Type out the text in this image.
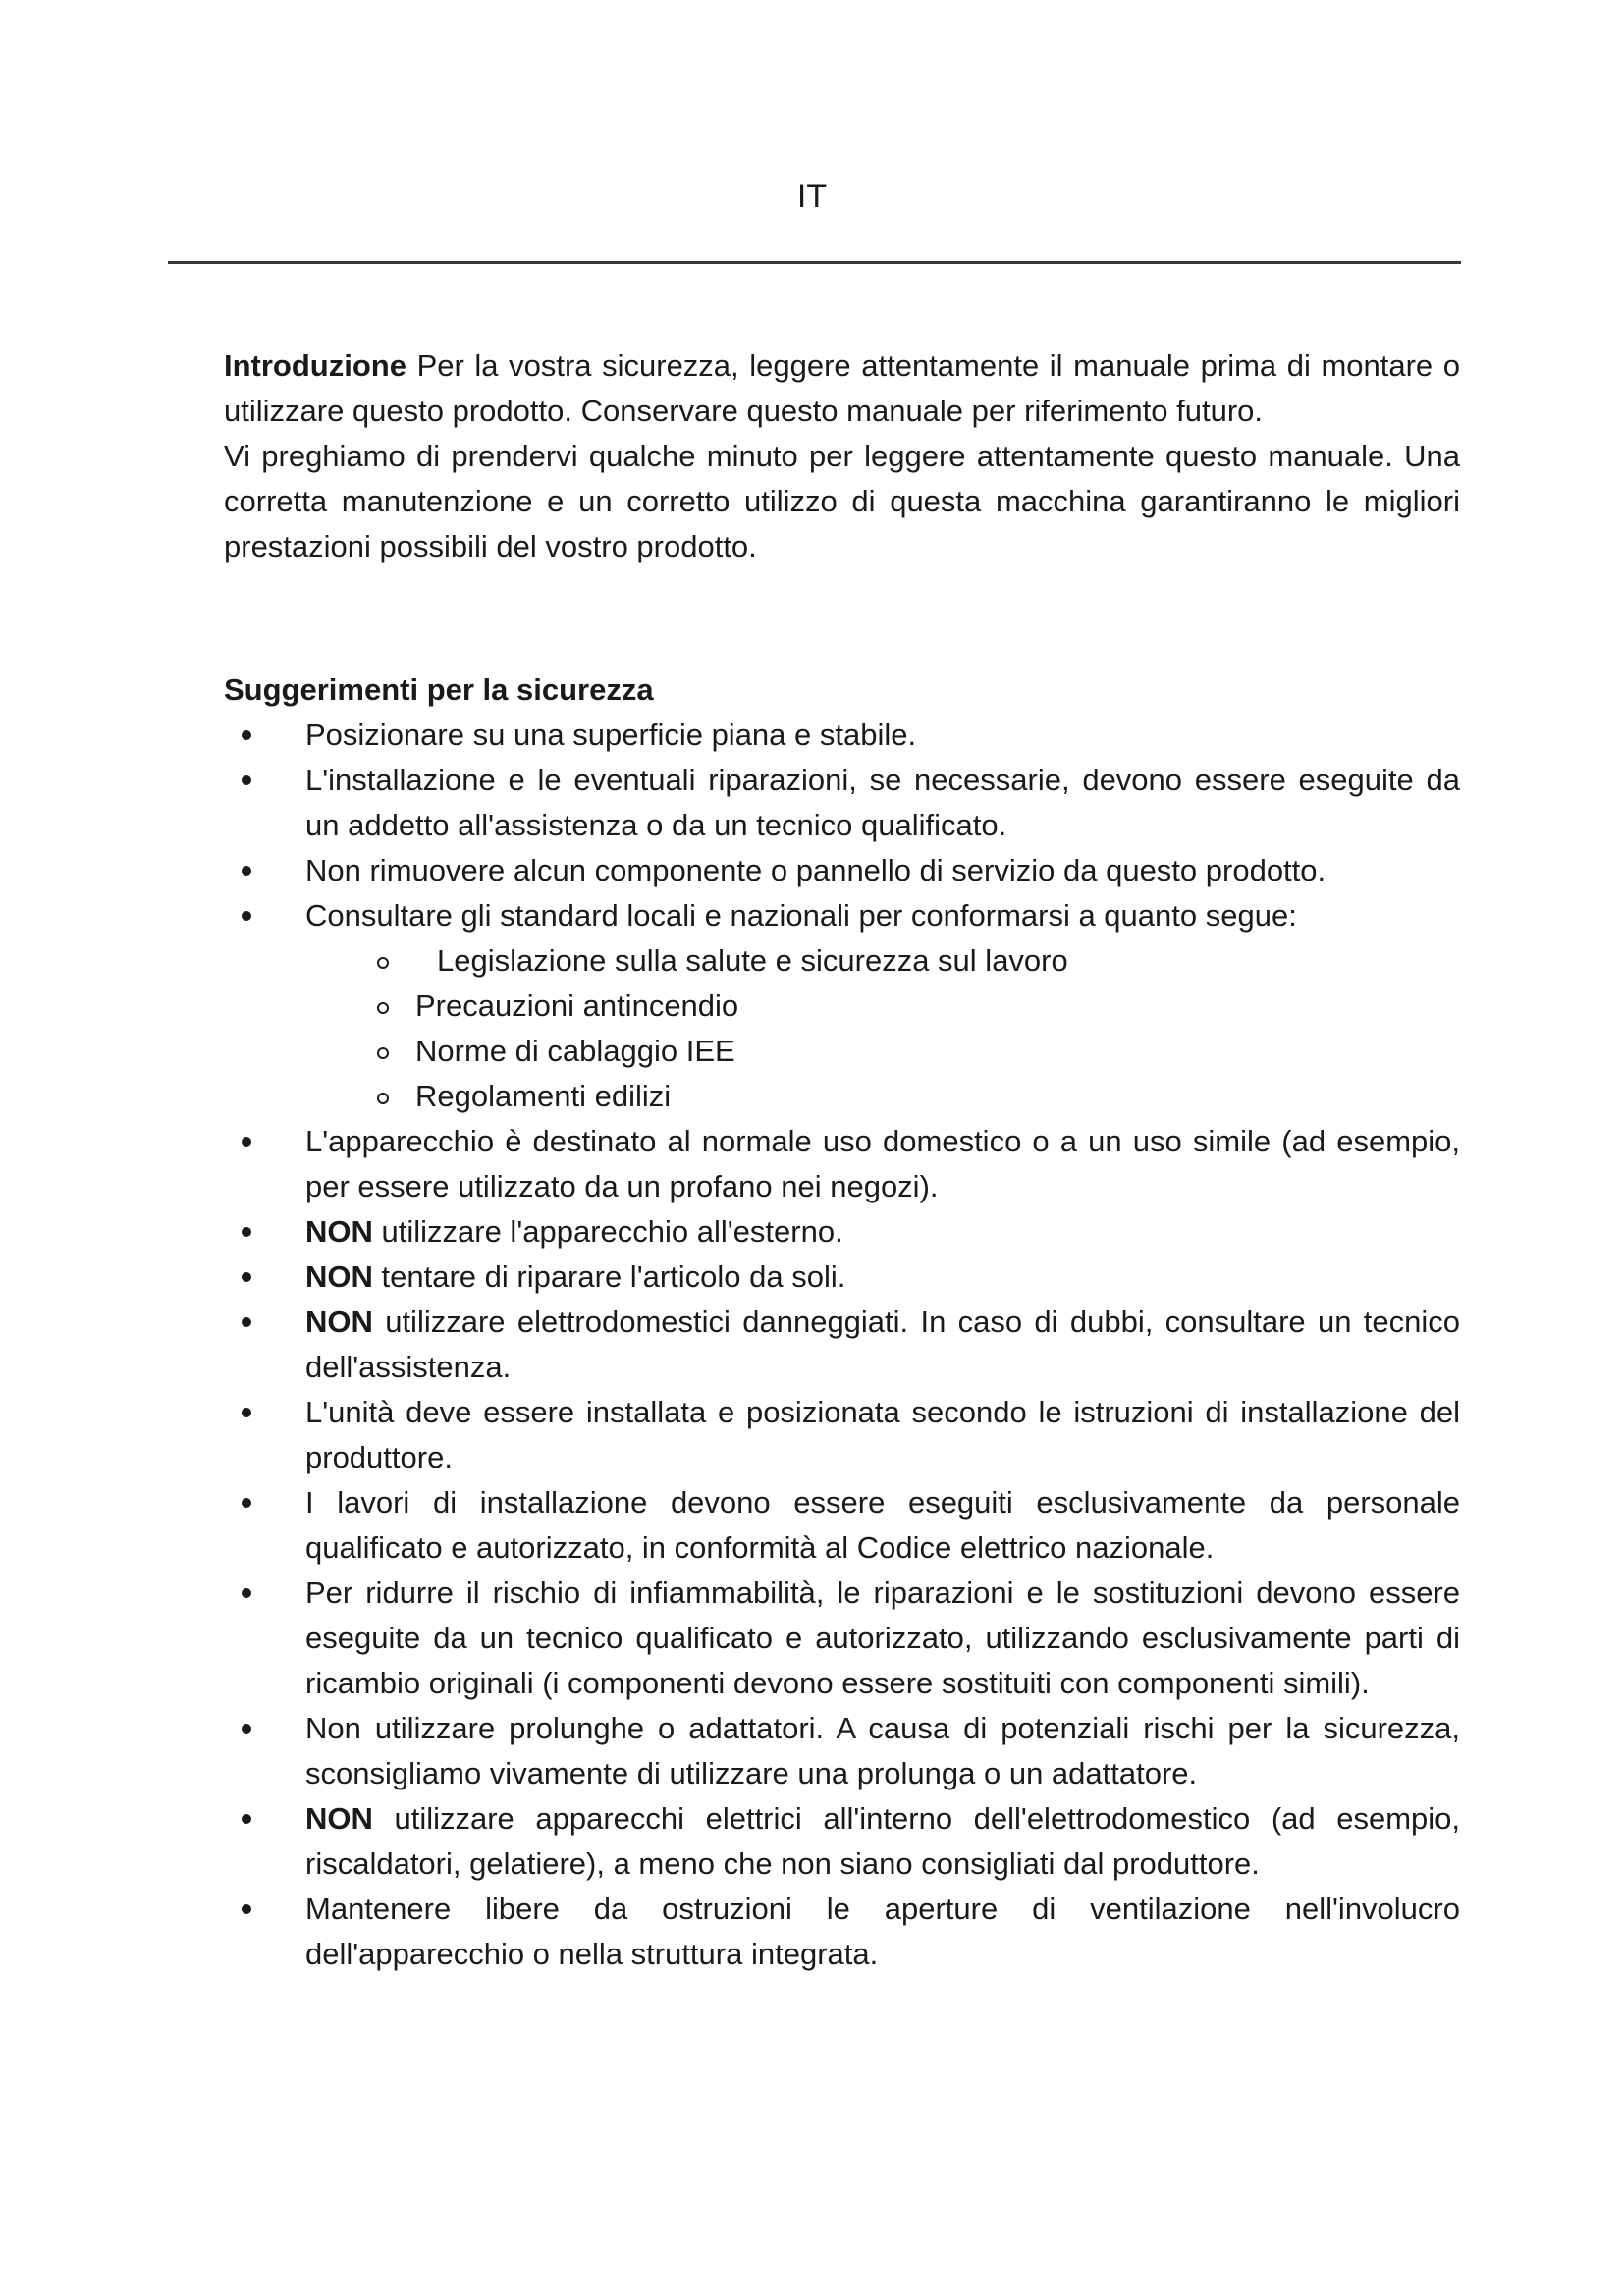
IT

Introduzione Per la vostra sicurezza, leggere attentamente il manuale prima di montare o utilizzare questo prodotto. Conservare questo manuale per riferimento futuro.

Vi preghiamo di prendervi qualche minuto per leggere attentamente questo manuale. Una corretta manutenzione e un corretto utilizzo di questa macchina garantiranno le migliori prestazioni possibili del vostro prodotto.

Suggerimenti per la sicurezza

Posizionare su una superficie piana e stabile.
L'installazione e le eventuali riparazioni, se necessarie, devono essere eseguite da un addetto all'assistenza o da un tecnico qualificato.
Non rimuovere alcun componente o pannello di servizio da questo prodotto.
Consultare gli standard locali e nazionali per conformarsi a quanto segue:
Legislazione sulla salute e sicurezza sul lavoro
Precauzioni antincendio
Norme di cablaggio IEE
Regolamenti edilizi
L'apparecchio è destinato al normale uso domestico o a un uso simile (ad esempio, per essere utilizzato da un profano nei negozi).
NON utilizzare l'apparecchio all'esterno.
NON tentare di riparare l'articolo da soli.
NON utilizzare elettrodomestici danneggiati. In caso di dubbi, consultare un tecnico dell'assistenza.
L'unità deve essere installata e posizionata secondo le istruzioni di installazione del produttore.
I lavori di installazione devono essere eseguiti esclusivamente da personale qualificato e autorizzato, in conformità al Codice elettrico nazionale.
Per ridurre il rischio di infiammabilità, le riparazioni e le sostituzioni devono essere eseguite da un tecnico qualificato e autorizzato, utilizzando esclusivamente parti di ricambio originali (i componenti devono essere sostituiti con componenti simili).
Non utilizzare prolunghe o adattatori. A causa di potenziali rischi per la sicurezza, sconsigliamo vivamente di utilizzare una prolunga o un adattatore.
NON utilizzare apparecchi elettrici all'interno dell'elettrodomestico (ad esempio, riscaldatori, gelatiere), a meno che non siano consigliati dal produttore.
Mantenere libere da ostruzioni le aperture di ventilazione nell'involucro dell'apparecchio o nella struttura integrata.
